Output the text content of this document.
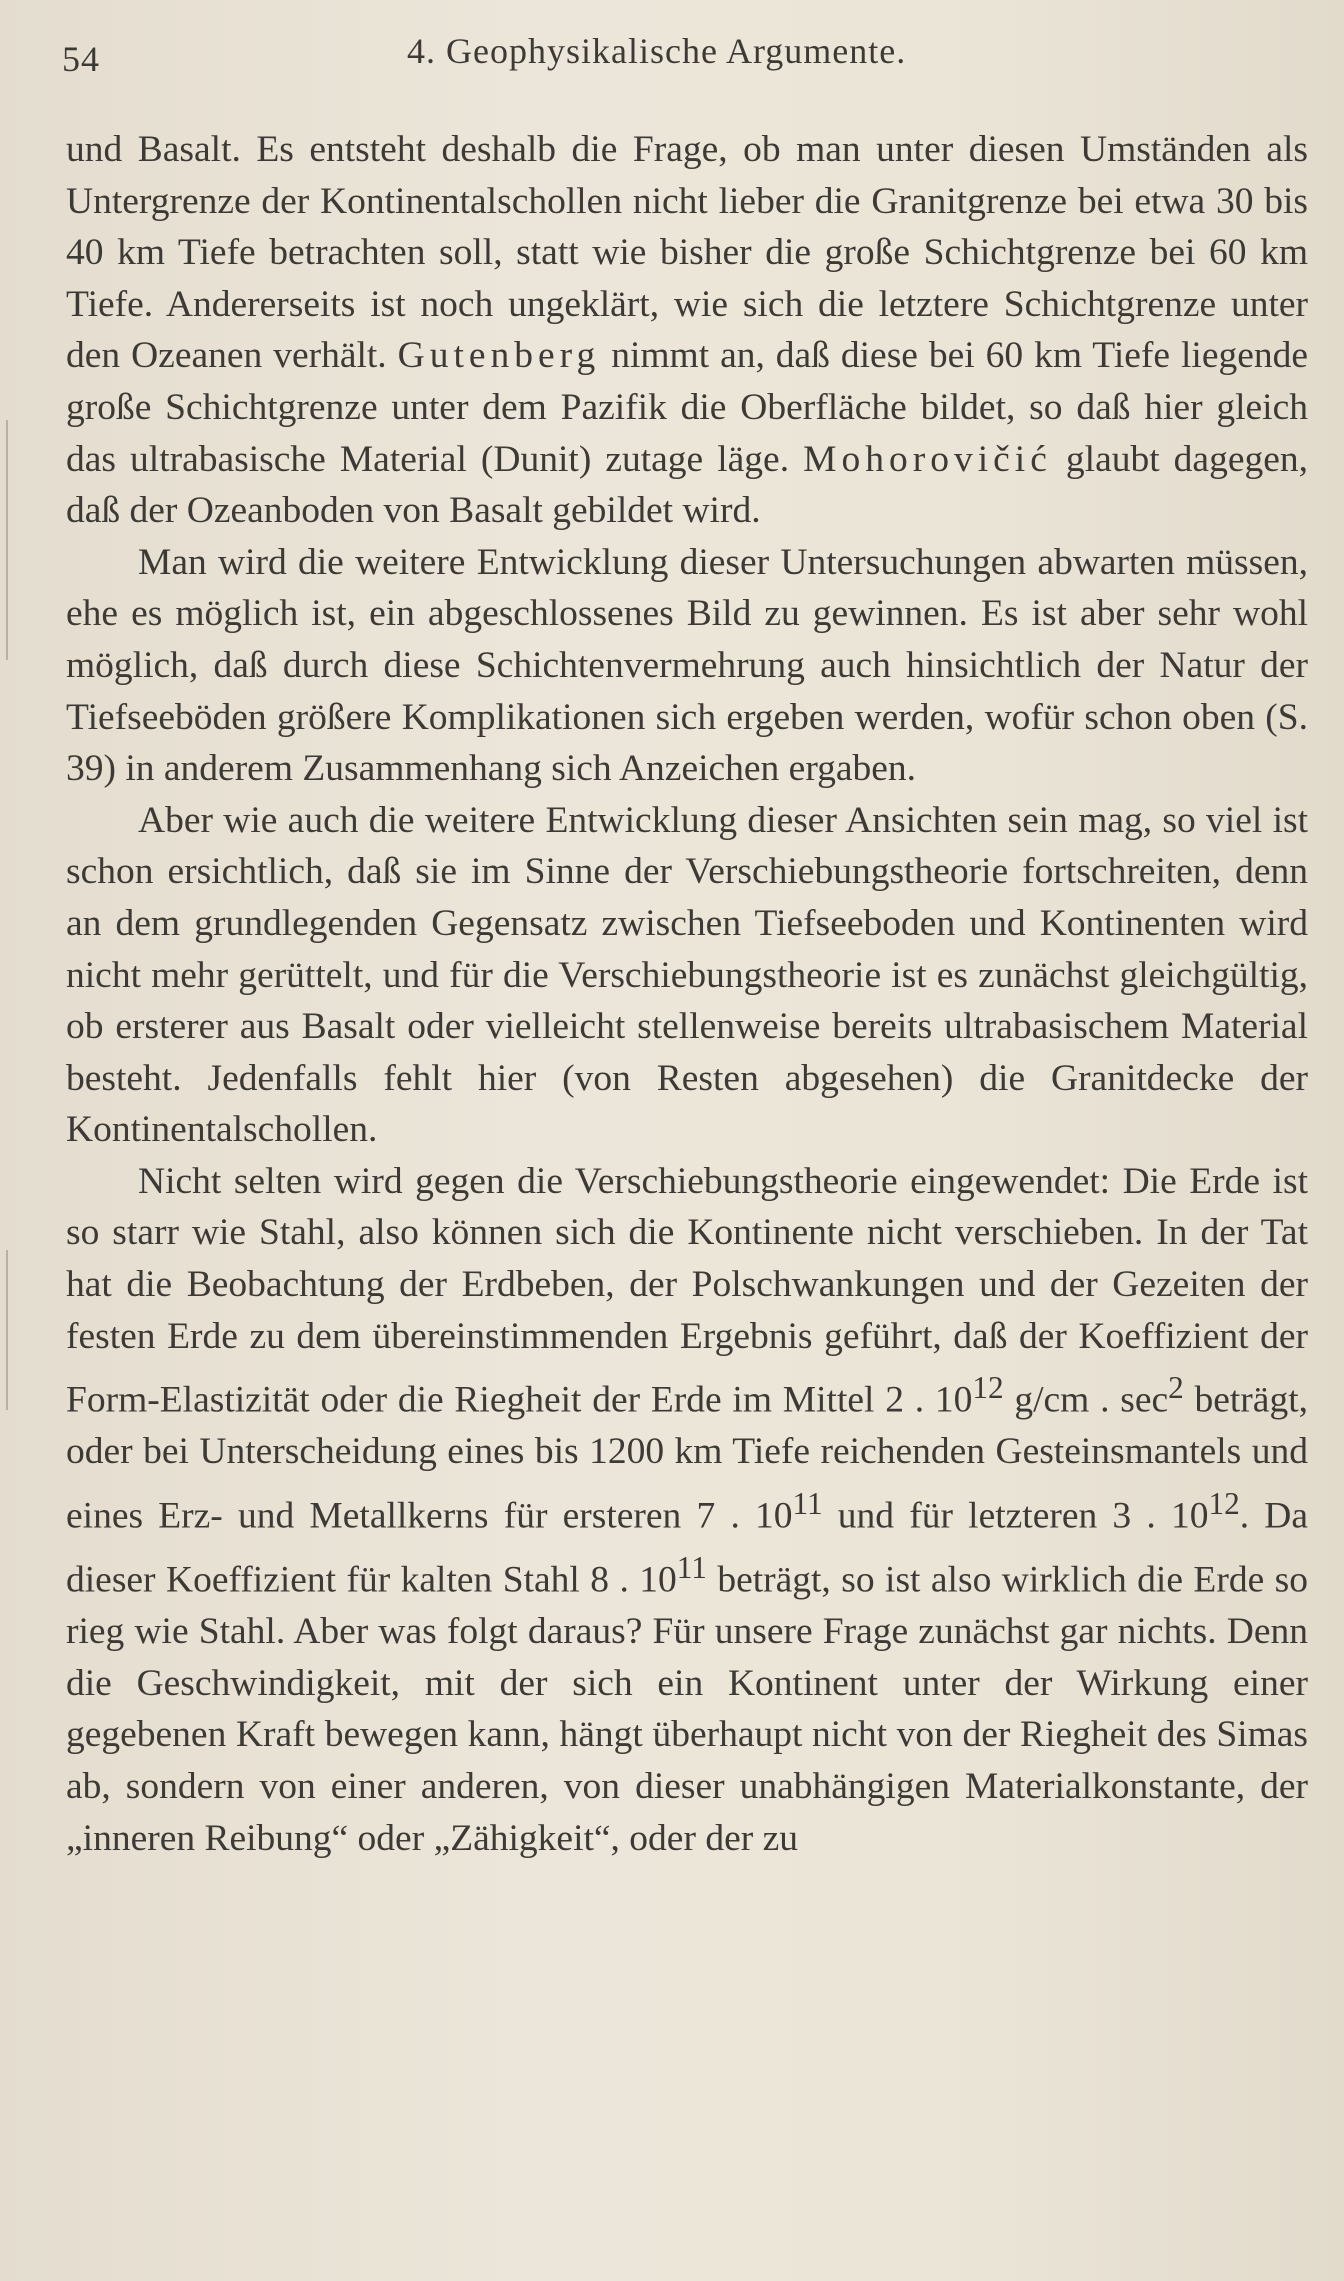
54	4. Geophysikalische Argumente.

und Basalt. Es entsteht deshalb die Frage, ob man unter diesen Umständen als Untergrenze der Kontinentalschollen nicht lieber die Granitgrenze bei etwa 30 bis 40 km Tiefe betrachten soll, statt wie bisher die große Schichtgrenze bei 60 km Tiefe. Andererseits ist noch ungeklärt, wie sich die letztere Schichtgrenze unter den Ozeanen verhält. Gutenberg nimmt an, daß diese bei 60 km Tiefe liegende große Schichtgrenze unter dem Pazifik die Oberfläche bildet, so daß hier gleich das ultrabasische Material (Dunit) zutage läge. Mohorovičić glaubt dagegen, daß der Ozeanboden von Basalt gebildet wird.

Man wird die weitere Entwicklung dieser Untersuchungen abwarten müssen, ehe es möglich ist, ein abgeschlossenes Bild zu gewinnen. Es ist aber sehr wohl möglich, daß durch diese Schichtenvermehrung auch hinsichtlich der Natur der Tiefseeböden größere Komplikationen sich ergeben werden, wofür schon oben (S. 39) in anderem Zusammenhang sich Anzeichen ergaben.

Aber wie auch die weitere Entwicklung dieser Ansichten sein mag, so viel ist schon ersichtlich, daß sie im Sinne der Verschiebungstheorie fortschreiten, denn an dem grundlegenden Gegensatz zwischen Tiefseeboden und Kontinenten wird nicht mehr gerüttelt, und für die Verschiebungstheorie ist es zunächst gleichgültig, ob ersterer aus Basalt oder vielleicht stellenweise bereits ultrabasischem Material besteht. Jedenfalls fehlt hier (von Resten abgesehen) die Granitdecke der Kontinentalschollen.

Nicht selten wird gegen die Verschiebungstheorie eingewendet: Die Erde ist so starr wie Stahl, also können sich die Kontinente nicht verschieben. In der Tat hat die Beobachtung der Erdbeben, der Polschwankungen und der Gezeiten der festen Erde zu dem übereinstimmenden Ergebnis geführt, daß der Koeffizient der Form-Elastizität oder die Riegheit der Erde im Mittel 2 . $10^{12}$ g/cm . $\sec^2$ beträgt, oder bei Unterscheidung eines bis 1200 km Tiefe reichenden Gesteinsmantels und eines Erz- und Metallkerns für ersteren 7 . $10^{11}$ und für letzteren 3 . $10^{12}$. Da dieser Koeffizient für kalten Stahl 8 . $10^{11}$ beträgt, so ist also wirklich die Erde so rieg wie Stahl. Aber was folgt daraus? Für unsere Frage zunächst gar nichts. Denn die Geschwindigkeit, mit der sich ein Kontinent unter der Wirkung einer gegebenen Kraft bewegen kann, hängt überhaupt nicht von der Riegheit des Simas ab, sondern von einer anderen, von dieser unabhängigen Materialkonstante, der „inneren Reibung“ oder „Zähigkeit“, oder der zu
